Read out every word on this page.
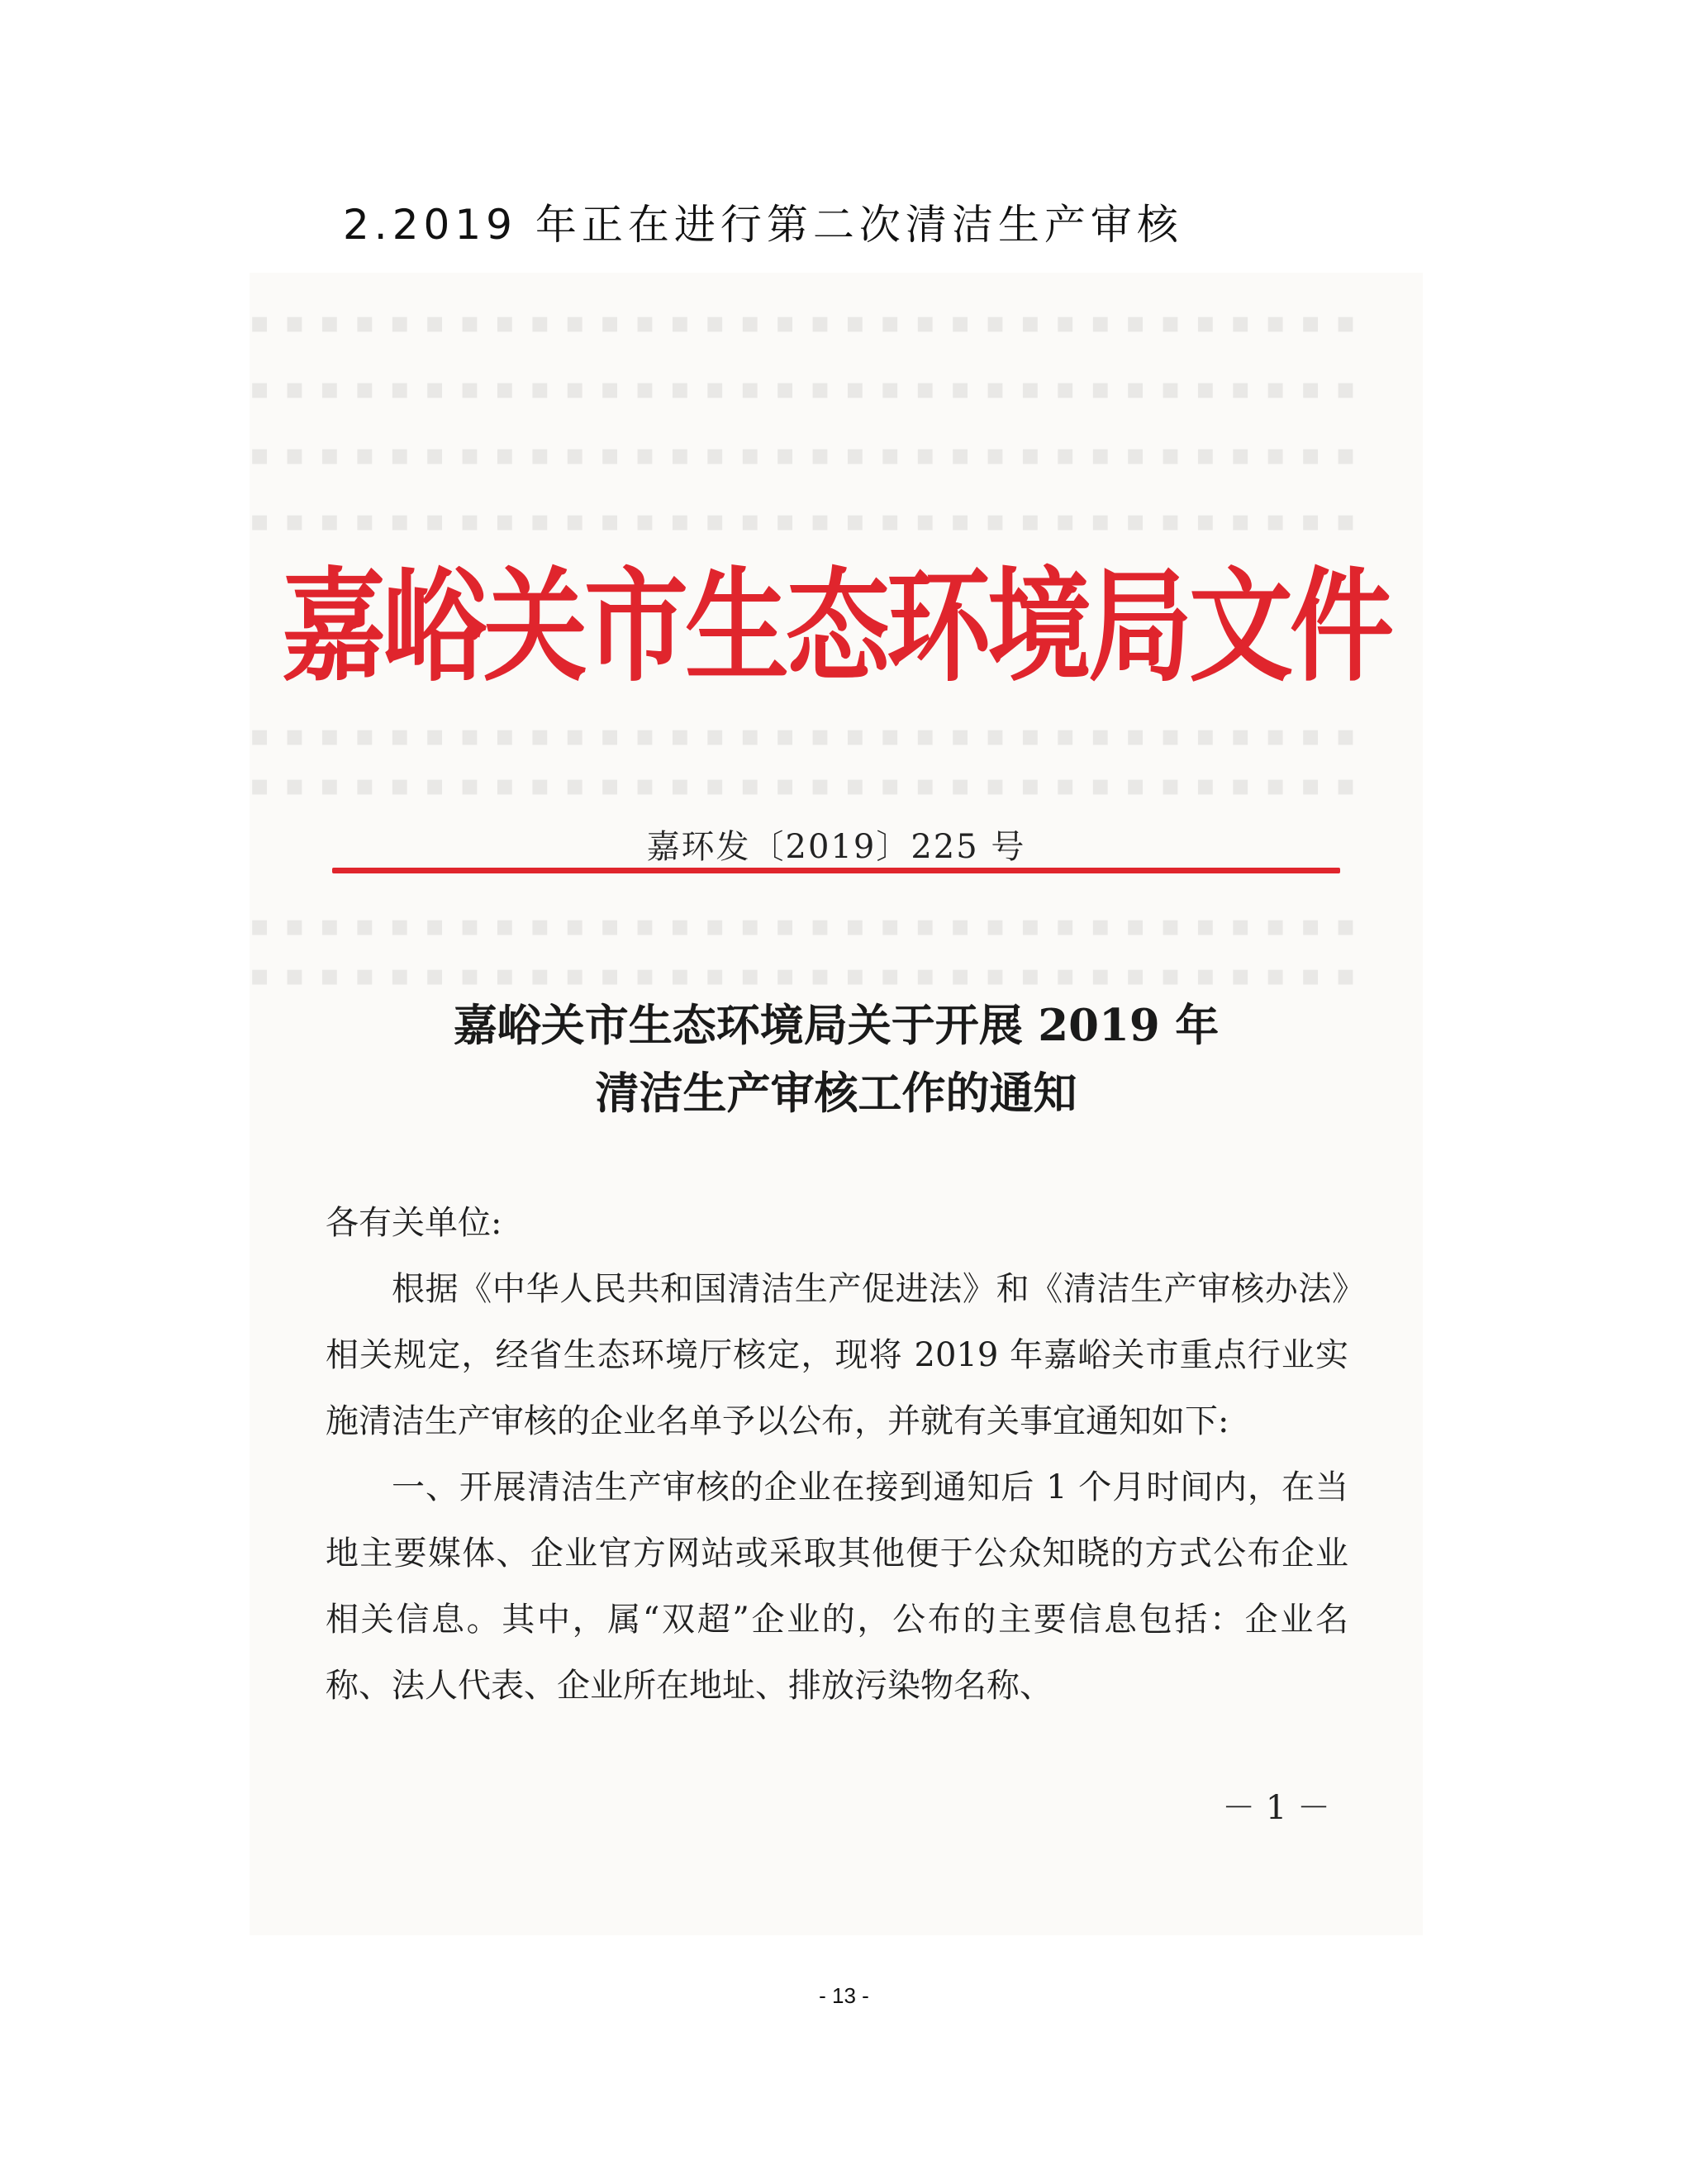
2.2019 年正在进行第二次清洁生产审核
▪▪▪▪▪▪▪▪▪▪▪▪▪▪▪▪▪▪▪▪▪▪▪▪▪▪▪▪▪▪▪▪
▪▪▪▪▪▪▪▪▪▪▪▪▪▪▪▪▪▪▪▪▪▪▪▪▪▪▪▪▪▪▪▪
▪▪▪▪▪▪▪▪▪▪▪▪▪▪▪▪▪▪▪▪▪▪▪▪▪▪▪▪▪▪▪▪
▪▪▪▪▪▪▪▪▪▪▪▪▪▪▪▪▪▪▪▪▪▪▪▪▪▪▪▪▪▪▪▪
▪▪▪▪▪▪▪▪▪▪▪▪▪▪▪▪▪▪▪▪▪▪▪▪▪▪▪▪▪▪▪▪
▪▪▪▪▪▪▪▪▪▪▪▪▪▪▪▪▪▪▪▪▪▪▪▪▪▪▪▪▪▪▪▪
▪▪▪▪▪▪▪▪▪▪▪▪▪▪▪▪▪▪▪▪▪▪▪▪▪▪▪▪▪▪▪▪
▪▪▪▪▪▪▪▪▪▪▪▪▪▪▪▪▪▪▪▪▪▪▪▪▪▪▪▪▪▪▪▪
嘉峪关市生态环境局文件
嘉环发〔2019〕225 号
嘉峪关市生态环境局关于开展 2019 年
清洁生产审核工作的通知

各有关单位:

根据《中华人民共和国清洁生产促进法》和《清洁生产审核办法》相关规定，经省生态环境厅核定，现将 2019 年嘉峪关市重点行业实施清洁生产审核的企业名单予以公布，并就有关事宜通知如下:

一、开展清洁生产审核的企业在接到通知后 1 个月时间内，在当地主要媒体、企业官方网站或采取其他便于公众知晓的方式公布企业相关信息。其中，属“双超”企业的，公布的主要信息包括：企业名称、法人代表、企业所在地址、排放污染物名称、

－ 1 －
- 13 -
